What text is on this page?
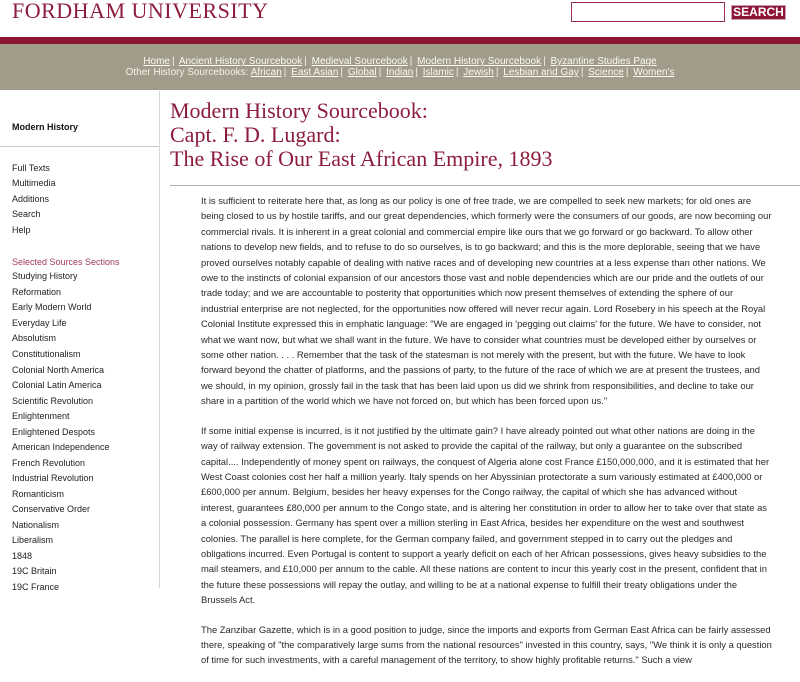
FORDHAM UNIVERSITY	SEARCH
Home | Ancient History Sourcebook | Medieval Sourcebook | Modern History Sourcebook | Byzantine Studies Page
Other History Sourcebooks: African | East Asian | Global | Indian | Islamic | Jewish | Lesbian and Gay | Science | Women's
Modern History
Full Texts
Multimedia
Additions
Search
Help
Selected Sources Sections
Studying History
Reformation
Early Modern World
Everyday Life
Absolutism
Constitutionalism
Colonial North America
Colonial Latin America
Scientific Revolution
Enlightenment
Enlightened Despots
American Independence
French Revolution
Industrial Revolution
Romanticism
Conservative Order
Nationalism
Liberalism
1848
19C Britain
19C France
Modern History Sourcebook:
Capt. F. D. Lugard:
The Rise of Our East African Empire, 1893

It is sufficient to reiterate here that, as long as our policy is one of free trade, we are compelled to seek new markets; for old ones are being closed to us by hostile tariffs, and our great dependencies, which formerly were the consumers of our goods, are now becoming our commercial rivals. It is inherent in a great colonial and commercial empire like ours that we go forward or go backward. To allow other nations to develop new fields, and to refuse to do so ourselves, is to go backward; and this is the more deplorable, seeing that we have proved ourselves notably capable of dealing with native races and of developing new countries at a less expense than other nations. We owe to the instincts of colonial expansion of our ancestors those vast and noble dependencies which are our pride and the outlets of our trade today; and we are accountable to posterity that opportunities which now present themselves of extending the sphere of our industrial enterprise are not neglected, for the opportunities now offered will never recur again. Lord Rosebery in his speech at the Royal Colonial Institute expressed this in emphatic language: "We are engaged in 'pegging out claims' for the future. We have to consider, not what we want now, but what we shall want in the future. We have to consider what countries must be developed either by ourselves or some other nation. . . . Remember that the task of the statesman is not merely with the present, but with the future. We have to look forward beyond the chatter of platforms, and the passions of party, to the future of the race of which we are at present the trustees, and we should, in my opinion, grossly fail in the task that has been laid upon us did we shrink from responsibilities, and decline to take our share in a partition of the world which we have not forced on, but which has been forced upon us."

If some initial expense is incurred, is it not justified by the ultimate gain? I have already pointed out what other nations are doing in the way of railway extension. The government is not asked to provide the capital of the railway, but only a guarantee on the subscribed capital.... Independently of money spent on railways, the conquest of Algeria alone cost France £150,000,000, and it is estimated that her West Coast colonies cost her half a million yearly. Italy spends on her Abyssinian protectorate a sum variously estimated at £400,000 or £600,000 per annum. Belgium, besides her heavy expenses for the Congo railway, the capital of which she has advanced without interest, guarantees £80,000 per annum to the Congo state, and is altering her constitution in order to allow her to take over that state as a colonial possession. Germany has spent over a million sterling in East Africa, besides her expenditure on the west and southwest colonies. The parallel is here complete, for the German company failed, and government stepped in to carry out the pledges and obligations incurred. Even Portugal is content to support a yearly deficit on each of her African possessions, gives heavy subsidies to the mail steamers, and £10,000 per annum to the cable. All these nations are content to incur this yearly cost in the present, confident that in the future these possessions will repay the outlay, and willing to be at a national expense to fulfill their treaty obligations under the Brussels Act.

The Zanzibar Gazette, which is in a good position to judge, since the imports and exports from German East Africa can be fairly assessed there, speaking of "the comparatively large sums from the national resources" invested in this country, says, "We think it is only a question of time for such investments, with a careful management of the territory, to show highly profitable returns." Such a view
